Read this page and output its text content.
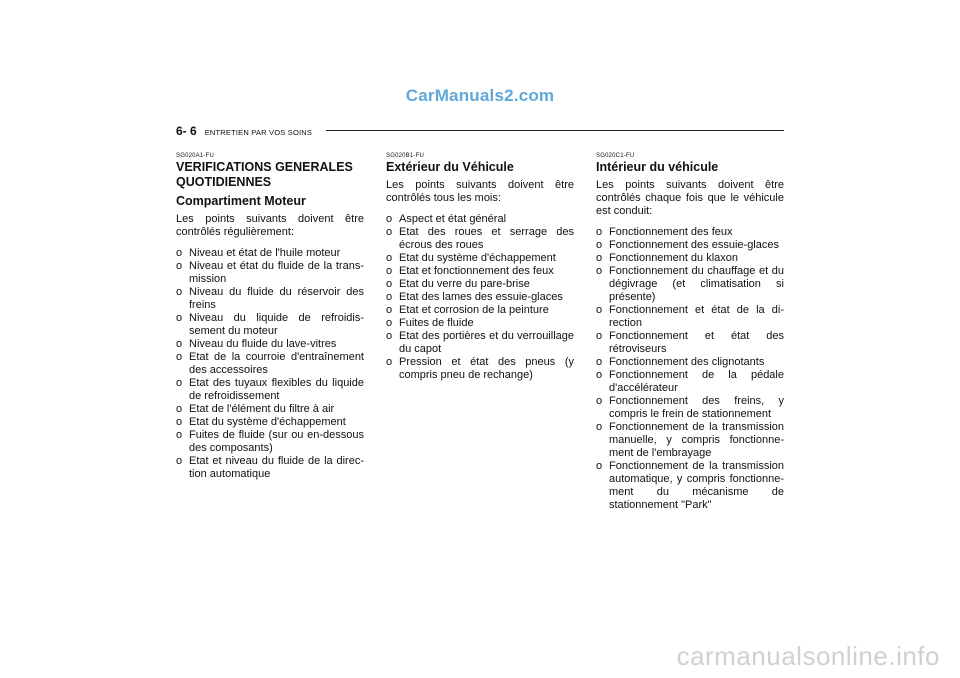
CarManuals2.com
6- 6 ENTRETIEN PAR VOS SOINS
SG020A1-FU
VERIFICATIONS GENERALES QUOTIDIENNES
Compartiment Moteur
Les points suivants doivent être contrôlés régulièrement:
o Niveau et état de l'huile moteur
o Niveau et état du fluide de la trans- mission
o Niveau du fluide du réservoir des freins
o Niveau du liquide de refroidis- sement du moteur
o Niveau du fluide du lave-vitres
o Etat de la courroie d'entraînement des accessoires
o Etat des tuyaux flexibles du liquide de refroidissement
o Etat de l'élément du filtre à air
o Etat du système d'échappement
o Fuites de fluide (sur ou en-dessous des composants)
o Etat et niveau du fluide de la direc- tion automatique
SG020B1-FU
Extérieur du Véhicule
Les points suivants doivent être contrôlés tous les mois:
o Aspect et état général
o Etat des roues et serrage des écrous des roues
o Etat du système d'échappement
o Etat et fonctionnement des feux
o Etat du verre du pare-brise
o Etat des lames des essuie-glaces
o Etat et corrosion de la peinture
o Fuites de fluide
o Etat des portières et du verrouillage du capot
o Pression et état des pneus (y compris pneu de rechange)
SG020C1-FU
Intérieur du véhicule
Les points suivants doivent être contrôlés chaque fois que le véhicule est conduit:
o Fonctionnement des feux
o Fonctionnement des essuie-glaces
o Fonctionnement du klaxon
o Fonctionnement du chauffage et du dégivrage (et climatisation si présente)
o Fonctionnement et état de la di- rection
o Fonctionnement et état des rétroviseurs
o Fonctionnement des clignotants
o Fonctionnement de la pédale d'accélérateur
o Fonctionnement des freins, y compris le frein de stationnement
o Fonctionnement de la transmission manuelle, y compris fonctionne- ment de l'embrayage
o Fonctionnement de la transmission automatique, y compris fonctionne- ment du mécanisme de stationnement "Park"
carmanualsonline.info
